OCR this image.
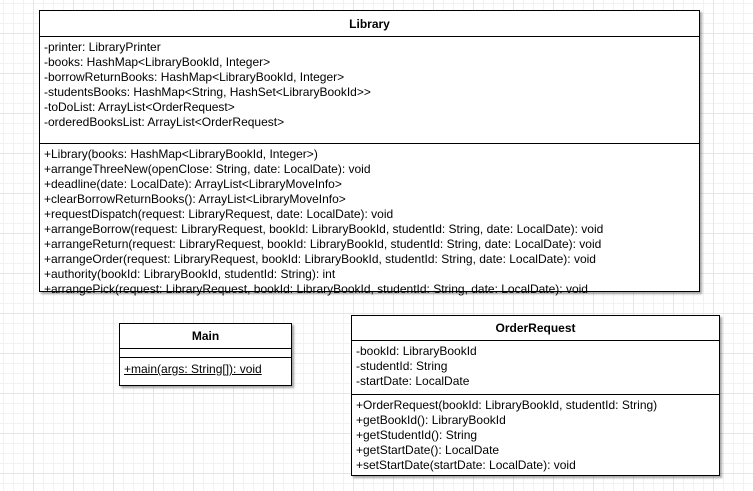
Library
-printer: LibraryPrinter
-books: HashMap<LibraryBookId, Integer>
-borrowReturnBooks: HashMap<LibraryBookId, Integer>
-studentsBooks: HashMap<String, HashSet<LibraryBookId>>
-toDoList: ArrayList<OrderRequest>
-orderedBooksList: ArrayList<OrderRequest>
+Library(books: HashMap<LibraryBookId, Integer>)
+arrangeThreeNew(openClose: String, date: LocalDate): void
+deadline(date: LocalDate): ArrayList<LibraryMoveInfo>
+clearBorrowReturnBooks(): ArrayList<LibraryMoveInfo>
+requestDispatch(request: LibraryRequest, date: LocalDate): void
+arrangeBorrow(request: LibraryRequest, bookId: LibraryBookId, studentId: String, date: LocalDate): void
+arrangeReturn(request: LibraryRequest, bookId: LibraryBookId, studentId: String, date: LocalDate): void
+arrangeOrder(request: LibraryRequest, bookId: LibraryBookId, studentId: String, date: LocalDate): void
+authority(bookId: LibraryBookId, studentId: String): int
+arrangePick(request: LibraryRequest, bookId: LibraryBookId, studentId: String, date: LocalDate): void
Main
+main(args: String[]): void
OrderRequest
-bookId: LibraryBookId
-studentId: String
-startDate: LocalDate
+OrderRequest(bookId: LibraryBookId, studentId: String)
+getBookId(): LibraryBookId
+getStudentId(): String
+getStartDate(): LocalDate
+setStartDate(startDate: LocalDate): void
